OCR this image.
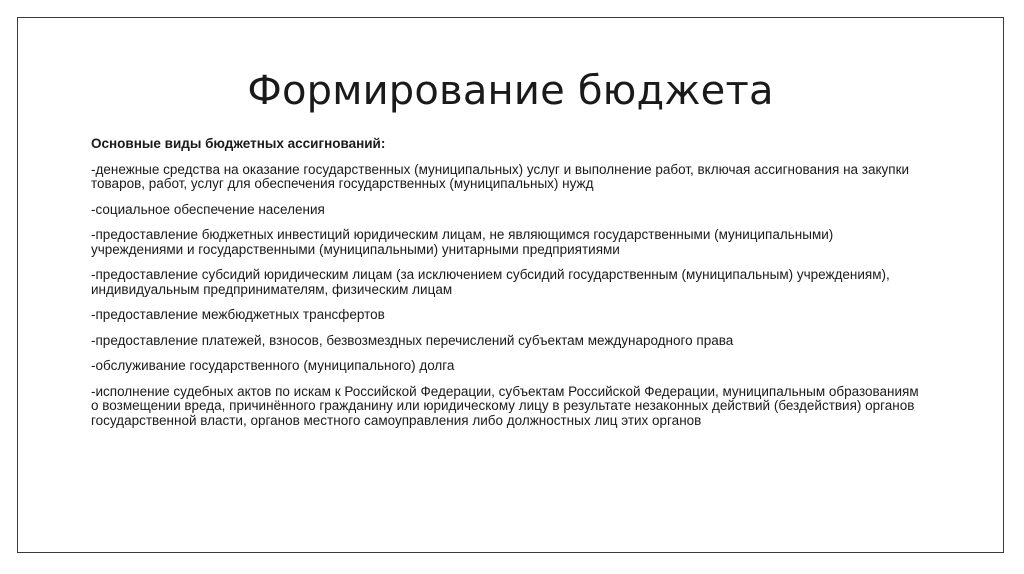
Формирование бюджета

Основные виды бюджетных ассигнований:

-денежные средства на оказание государственных (муниципальных) услуг и выполнение работ, включая ассигнования на закупки товаров, работ, услуг для обеспечения государственных (муниципальных) нужд
-социальное обеспечение населения
-предоставление бюджетных инвестиций юридическим лицам, не являющимся государственными (муниципальными) учреждениями и государственными (муниципальными) унитарными предприятиями
-предоставление субсидий юридическим лицам (за исключением субсидий государственным (муниципальным) учреждениям), индивидуальным предпринимателям, физическим лицам
-предоставление межбюджетных трансфертов
-предоставление платежей, взносов, безвозмездных перечислений субъектам международного права
-обслуживание государственного (муниципального) долга
-исполнение судебных актов по искам к Российской Федерации, субъектам Российской Федерации, муниципальным образованиям о возмещении вреда, причинённого гражданину или юридическому лицу в результате незаконных действий (бездействия) органов государственной власти, органов местного самоуправления либо должностных лиц этих органов
